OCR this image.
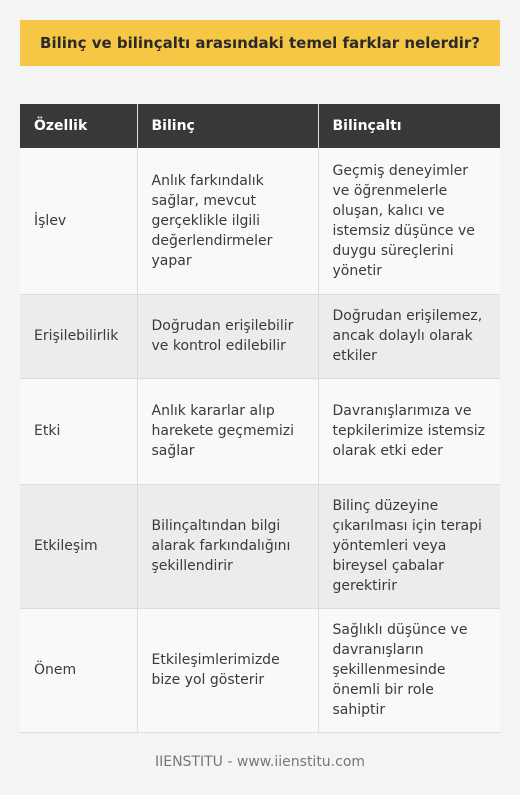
Bilinç ve bilinçaltı arasındaki temel farklar nelerdir?
Özellik	Bilinç	Bilinçaltı
İşlev	Anlık farkındalık sağlar, mevcut gerçeklikle ilgili değerlendirmeler yapar	Geçmiş deneyimler ve öğrenmelerle oluşan, kalıcı ve istemsiz düşünce ve duygu süreçlerini yönetir
Erişilebilirlik	Doğrudan erişilebilir ve kontrol edilebilir	Doğrudan erişilemez, ancak dolaylı olarak etkiler
Etki	Anlık kararlar alıp harekete geçmemizi sağlar	Davranışlarımıza ve tepkilerimize istemsiz olarak etki eder
Etkileşim	Bilinçaltından bilgi alarak farkındalığını şekillendirir	Bilinç düzeyine çıkarılması için terapi yöntemleri veya bireysel çabalar gerektirir
Önem	Etkileşimlerimizde bize yol gösterir	Sağlıklı düşünce ve davranışların şekillenmesinde önemli bir role sahiptir
IIENSTITU - www.iienstitu.com
